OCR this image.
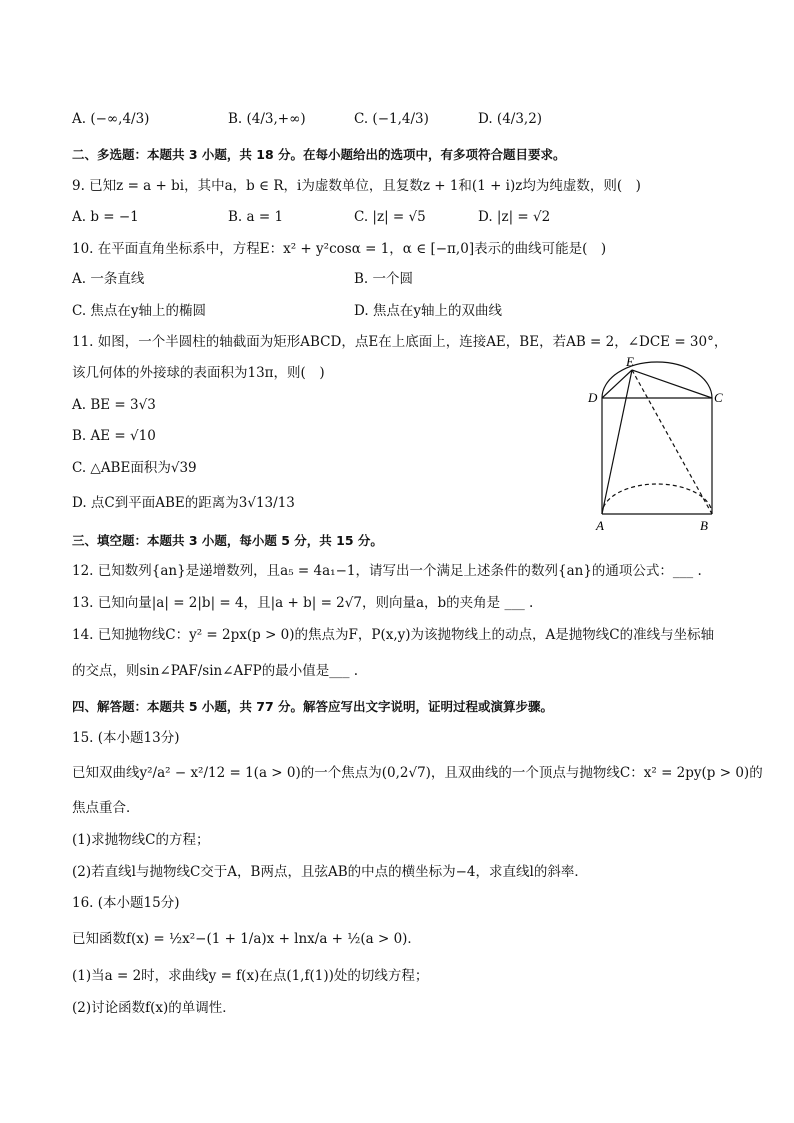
A. (−∞,4/3)	B. (4/3,+∞)	C. (−1,4/3)	D. (4/3,2)
二、多选题：本题共 3 小题，共 18 分。在每小题给出的选项中，有多项符合题目要求。
9. 已知z = a + bi，其中a，b ∈ R，i为虚数单位，且复数z + 1和(1 + i)z均为纯虚数，则(　)
A. b = −1	B. a = 1	C. |z| = √5	D. |z| = √2
10. 在平面直角坐标系中，方程E：x² + y²cosα = 1，α ∈ [−π,0]表示的曲线可能是(　)
A. 一条直线	B. 一个圆
C. 焦点在y轴上的椭圆	D. 焦点在y轴上的双曲线
11. 如图，一个半圆柱的轴截面为矩形ABCD，点E在上底面上，连接AE，BE，若AB = 2，∠DCE = 30°，
该几何体的外接球的表面积为13π，则(　)
A. BE = 3√3
B. AE = √10
C. △ABE面积为√39
D. 点C到平面ABE的距离为3√13/13
E
D	C
A	B
三、填空题：本题共 3 小题，每小题 5 分，共 15 分。
12. 已知数列{an}是递增数列，且a₅ = 4a₁−1，请写出一个满足上述条件的数列{an}的通项公式：___ .
13. 已知向量|a| = 2|b| = 4，且|a + b| = 2√7，则向量a，b的夹角是 ___ .
14. 已知抛物线C：y² = 2px(p > 0)的焦点为F，P(x,y)为该抛物线上的动点，A是抛物线C的准线与坐标轴
的交点，则sin∠PAF/sin∠AFP的最小值是___ .
四、解答题：本题共 5 小题，共 77 分。解答应写出文字说明，证明过程或演算步骤。
15. (本小题13分)
已知双曲线y²/a² − x²/12 = 1(a > 0)的一个焦点为(0,2√7)，且双曲线的一个顶点与抛物线C：x² = 2py(p > 0)的
焦点重合．
(1)求抛物线C的方程；
(2)若直线l与抛物线C交于A，B两点，且弦AB的中点的横坐标为−4，求直线l的斜率．
16. (本小题15分)
已知函数f(x) = ½x²−(1 + 1/a)x + lnx/a + ½(a > 0)．
(1)当a = 2时，求曲线y = f(x)在点(1,f(1))处的切线方程；
(2)讨论函数f(x)的单调性．
